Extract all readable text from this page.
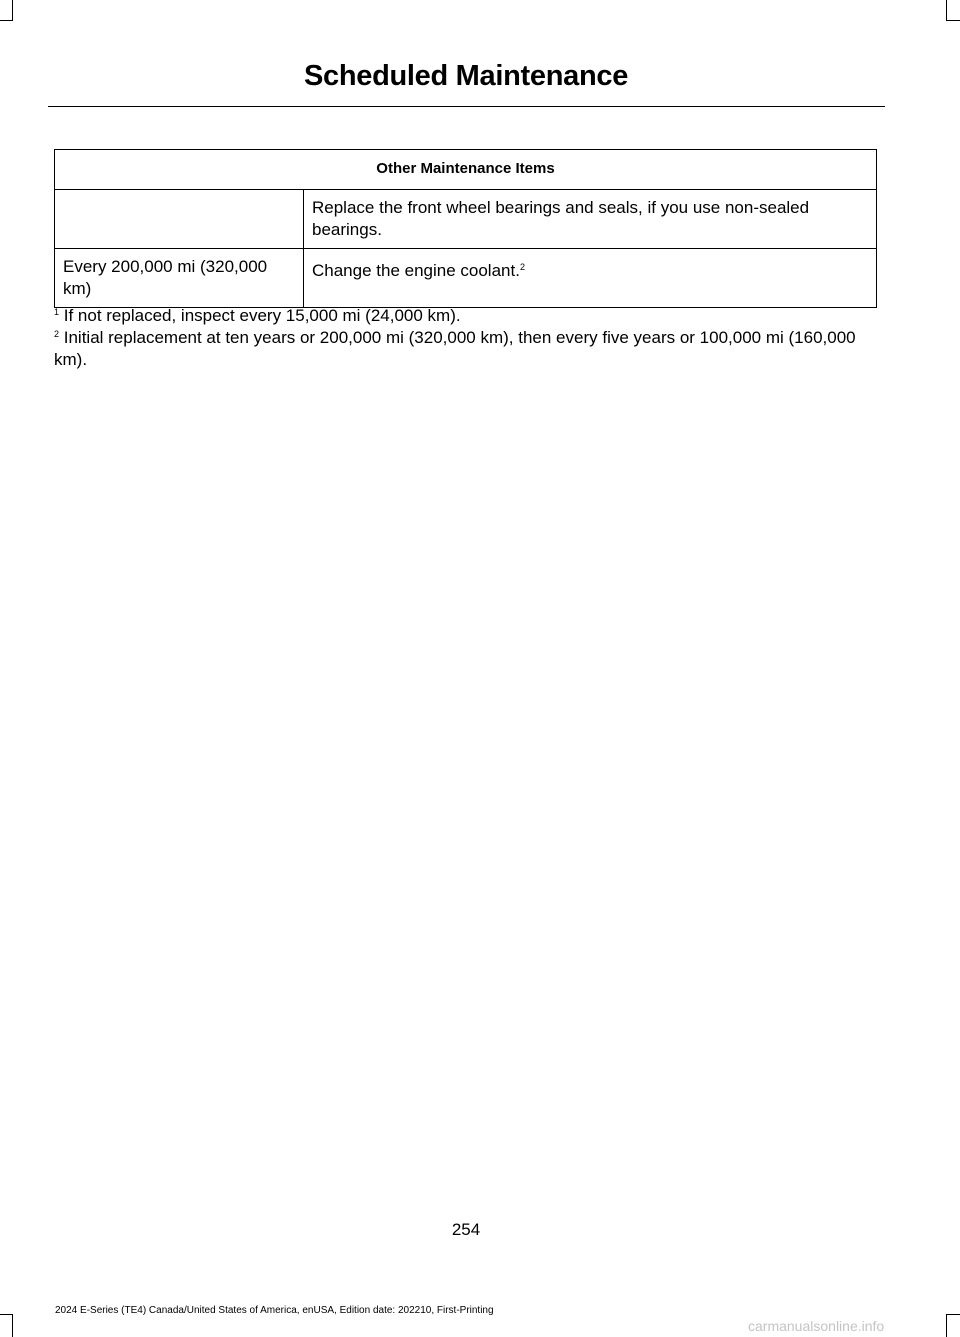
Scheduled Maintenance
Other Maintenance Items	
	Replace the front wheel bearings and seals, if you use non-sealed bearings.
Every 200,000 mi (320,000 km)	Change the engine coolant.$^2$

$^1$ If not replaced, inspect every 15,000 mi (24,000 km).

$^2$ Initial replacement at ten years or 200,000 mi (320,000 km), then every five years or 100,000 mi (160,000 km).

254
2024 E-Series (TE4) Canada/United States of America, enUSA, Edition date: 202210, First-Printing
carmanualsonline.info
